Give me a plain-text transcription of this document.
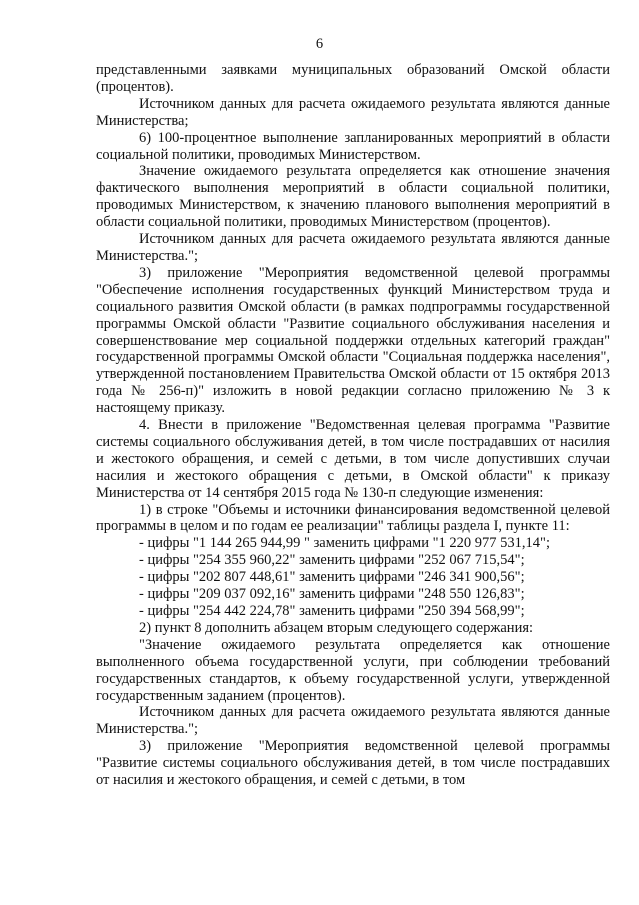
6

представленными заявками муниципальных образований Омской области (процентов).

Источником данных для расчета ожидаемого результата являются данные Министерства;

6) 100-процентное выполнение запланированных мероприятий в области социальной политики, проводимых Министерством.

Значение ожидаемого результата определяется как отношение значения фактического выполнения мероприятий в области социальной политики, проводимых Министерством, к значению планового выполнения мероприятий в области социальной политики, проводимых Министерством (процентов).

Источником данных для расчета ожидаемого результата являются данные Министерства.";

3) приложение "Мероприятия ведомственной целевой программы "Обеспечение исполнения государственных функций Министерством труда и социального развития Омской области (в рамках подпрограммы государственной программы Омской области "Развитие социального обслуживания населения и совершенствование мер социальной поддержки отдельных категорий граждан" государственной программы Омской области "Социальная поддержка населения", утвержденной постановлением Правительства Омской области от 15 октября 2013 года № 256-п)" изложить в новой редакции согласно приложению № 3 к настоящему приказу.

4. Внести в приложение "Ведомственная целевая программа "Развитие системы социального обслуживания детей, в том числе пострадавших от насилия и жестокого обращения, и семей с детьми, в том числе допустивших случаи насилия и жестокого обращения с детьми, в Омской области" к приказу Министерства от 14 сентября 2015 года № 130-п следующие изменения:

1) в строке "Объемы и источники финансирования ведомственной целевой программы в целом и по годам ее реализации" таблицы раздела I, пункте 11:

- цифры "1 144 265 944,99 " заменить цифрами "1 220 977 531,14";

- цифры "254 355 960,22" заменить цифрами "252 067 715,54";

- цифры "202 807 448,61" заменить цифрами "246 341 900,56";

- цифры "209 037 092,16" заменить цифрами "248 550 126,83";

- цифры "254 442 224,78" заменить цифрами "250 394 568,99";

2) пункт 8 дополнить абзацем вторым следующего содержания:

"Значение ожидаемого результата определяется как отношение выполненного объема государственной услуги, при соблюдении требований государственных стандартов, к объему государственной услуги, утвержденной государственным заданием (процентов).

Источником данных для расчета ожидаемого результата являются данные Министерства.";

3) приложение "Мероприятия ведомственной целевой программы "Развитие системы социального обслуживания детей, в том числе пострадавших от насилия и жестокого обращения, и семей с детьми, в том
